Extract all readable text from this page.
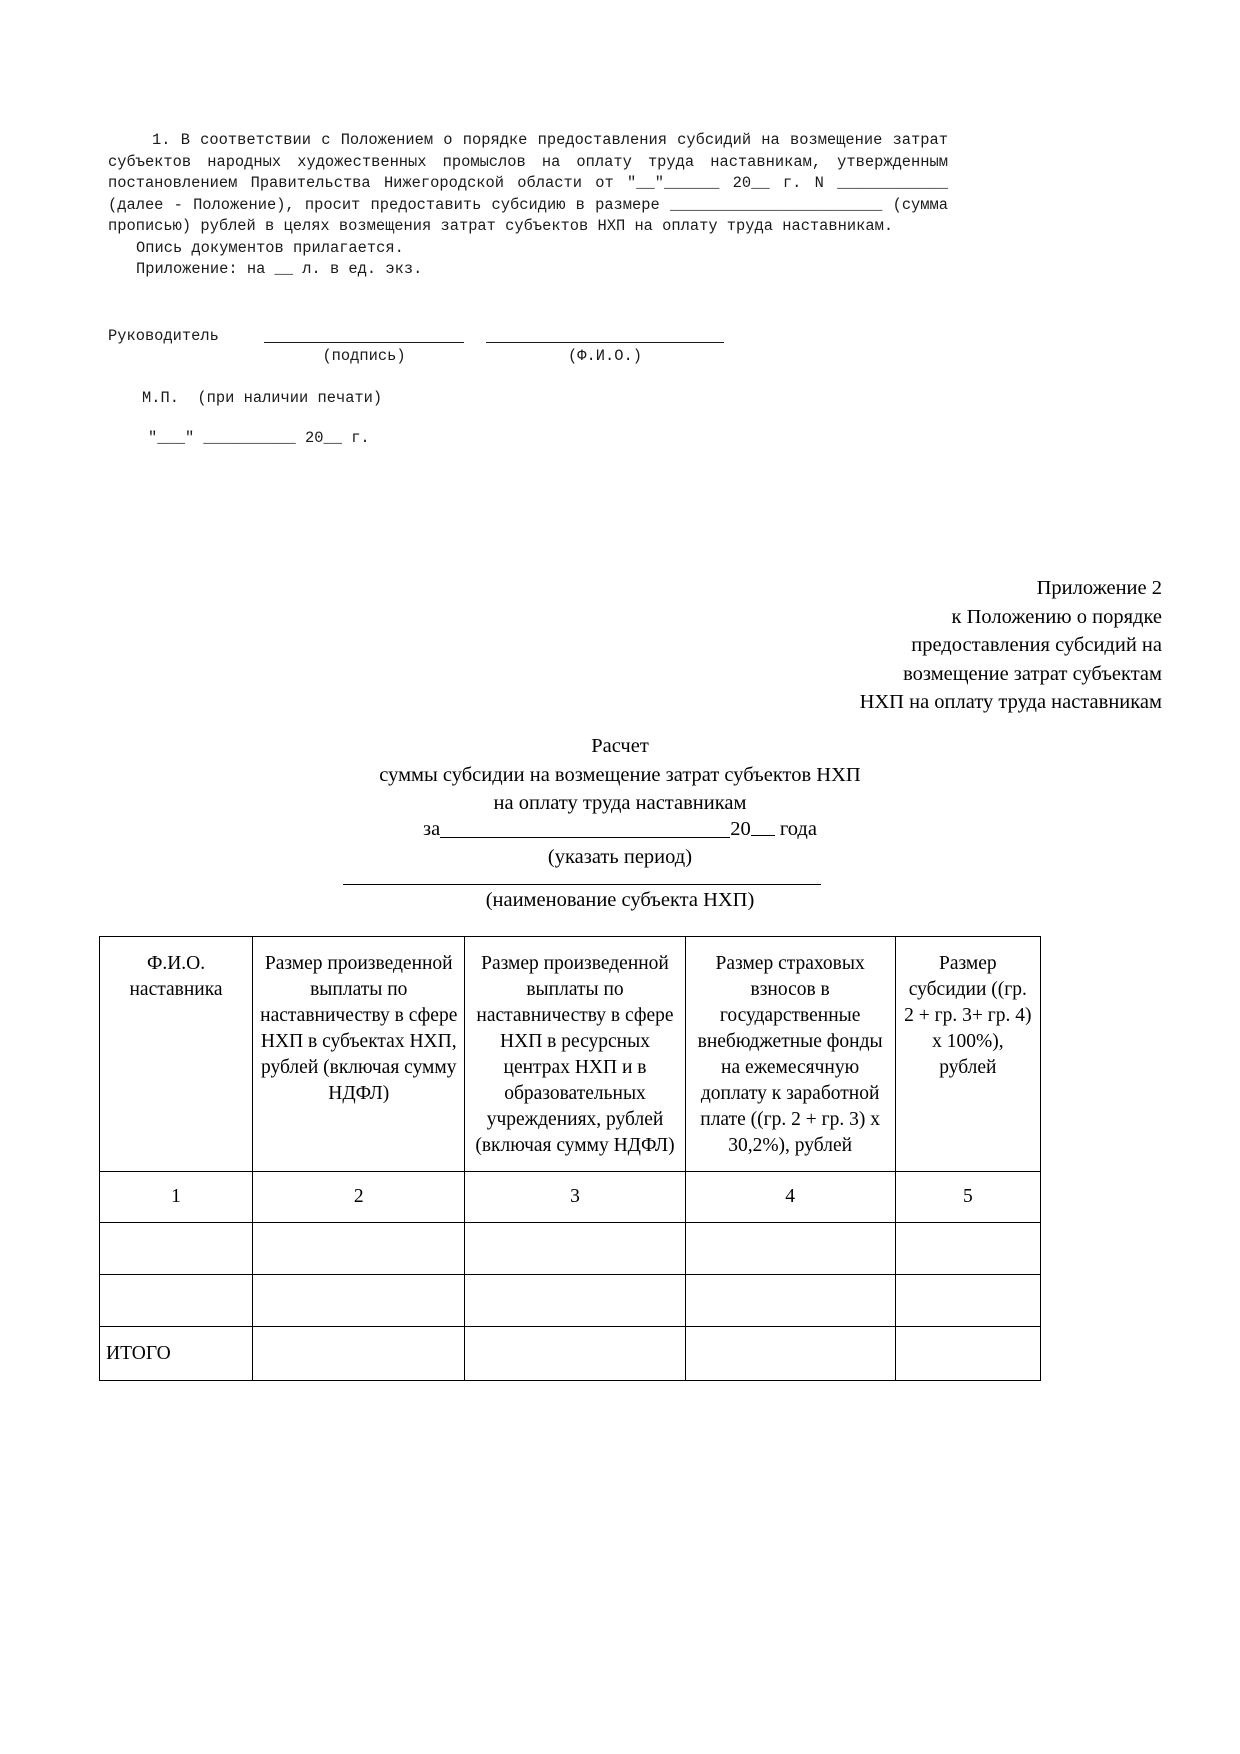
1. В соответствии с Положением о порядке предоставления субсидий на возмещение затрат субъектов народных художественных промыслов на оплату труда наставникам, утвержденным постановлением Правительства Нижегородской области от "__"______ 20__ г. N ____________ (далее - Положение), просит предоставить субсидию в размере _______________________ (сумма прописью) рублей в целях возмещения затрат субъектов НХП на оплату труда наставникам.

Опись документов прилагается.

Приложение: на __ л. в ед. экз.

Руководитель
(подпись)	(Ф.И.О.)
М.П.  (при наличии печати)
"___" __________ 20__ г.
Приложение 2
к Положению о порядке
предоставления субсидий на
возмещение затрат субъектам
НХП на оплату труда наставникам
Расчет
суммы субсидии на возмещение затрат субъектов НХП
на оплату труда наставникам
за	20 года
(указать период)
(наименование субъекта НХП)
Ф.И.О. наставника	Размер произведенной выплаты по наставничеству в сфере НХП в субъектах НХП, рублей (включая сумму НДФЛ)	Размер произведенной выплаты по наставничеству в сфере НХП в ресурсных центрах НХП и в образовательных учреждениях, рублей (включая сумму НДФЛ)	Размер страховых взносов в государственные внебюджетные фонды на ежемесячную доплату к заработной плате ((гр. 2 + гр. 3) х 30,2%), рублей	Размер субсидии ((гр. 2 + гр. 3+ гр. 4) х 100%), рублей
1	2	3	4	5

ИТОГО				
